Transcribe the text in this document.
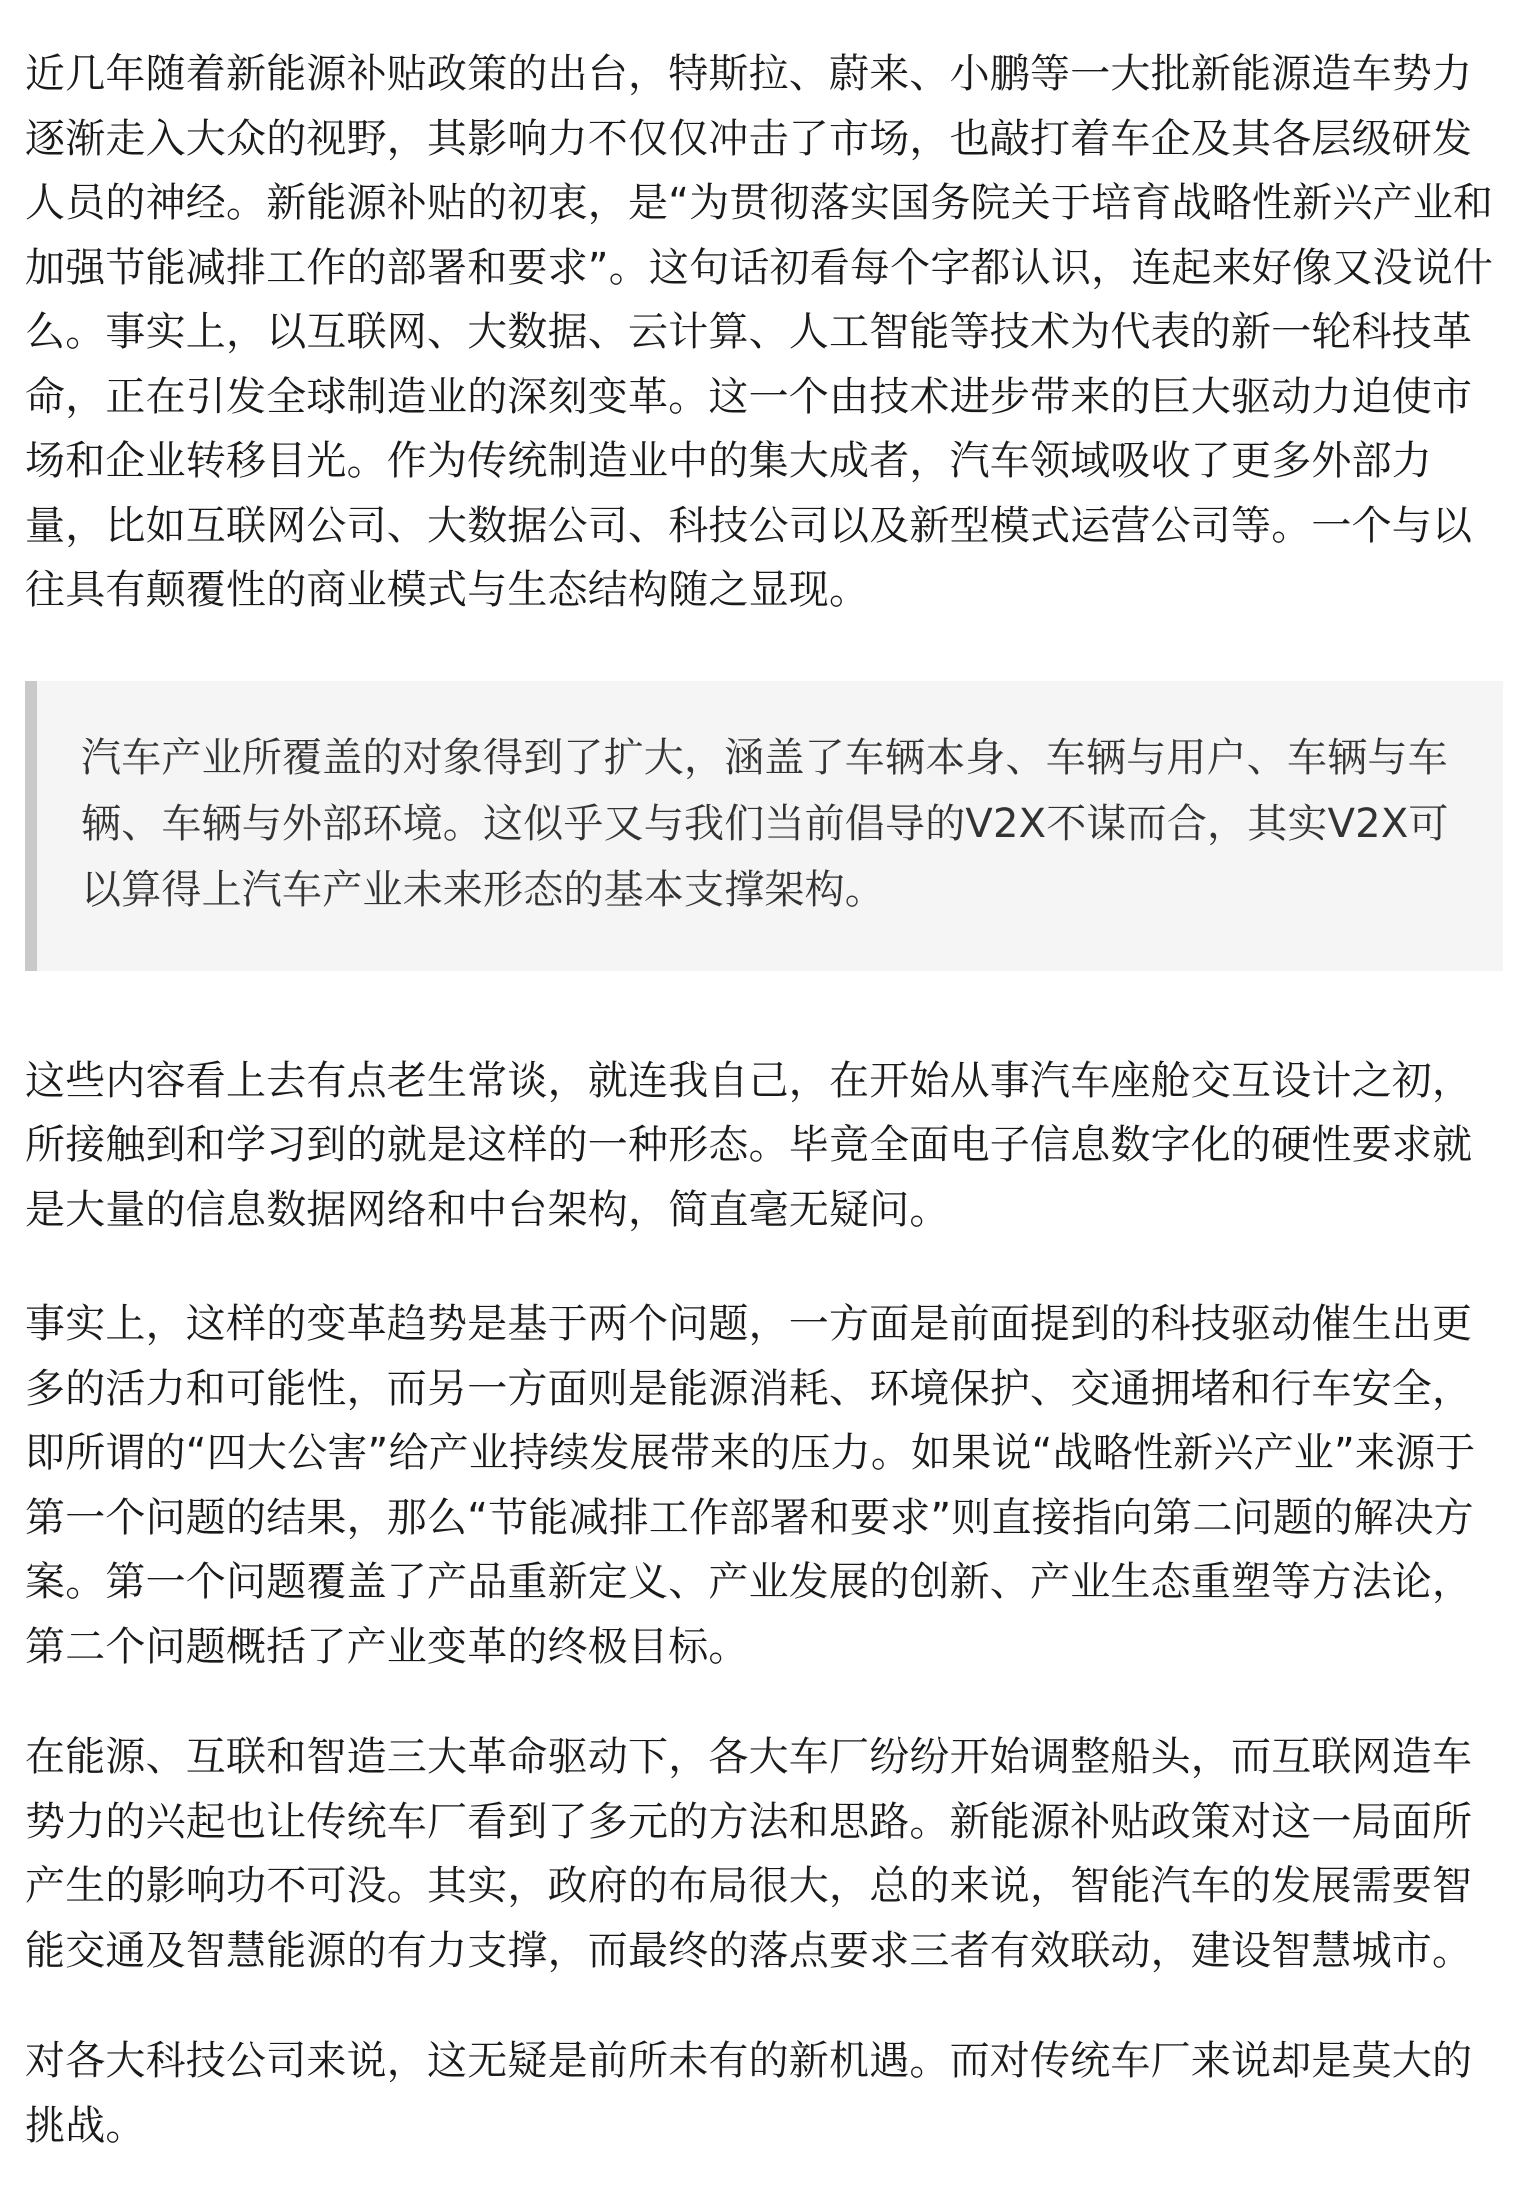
近几年随着新能源补贴政策的出台，特斯拉、蔚来、小鹏等一大批新能源造车势力逐渐走入大众的视野，其影响力不仅仅冲击了市场，也敲打着车企及其各层级研发人员的神经。新能源补贴的初衷，是“为贯彻落实国务院关于培育战略性新兴产业和加强节能减排工作的部署和要求”。这句话初看每个字都认识，连起来好像又没说什么。事实上，以互联网、大数据、云计算、人工智能等技术为代表的新一轮科技革命，正在引发全球制造业的深刻变革。这一个由技术进步带来的巨大驱动力迫使市场和企业转移目光。作为传统制造业中的集大成者，汽车领域吸收了更多外部力量，比如互联网公司、大数据公司、科技公司以及新型模式运营公司等。一个与以往具有颠覆性的商业模式与生态结构随之显现。

汽车产业所覆盖的对象得到了扩大，涵盖了车辆本身、车辆与用户、车辆与车辆、车辆与外部环境。这似乎又与我们当前倡导的V2X不谋而合，其实V2X可以算得上汽车产业未来形态的基本支撑架构。

这些内容看上去有点老生常谈，就连我自己，在开始从事汽车座舱交互设计之初，所接触到和学习到的就是这样的一种形态。毕竟全面电子信息数字化的硬性要求就是大量的信息数据网络和中台架构，简直毫无疑问。

事实上，这样的变革趋势是基于两个问题，一方面是前面提到的科技驱动催生出更多的活力和可能性，而另一方面则是能源消耗、环境保护、交通拥堵和行车安全，即所谓的“四大公害”给产业持续发展带来的压力。如果说“战略性新兴产业”来源于第一个问题的结果，那么“节能减排工作部署和要求”则直接指向第二问题的解决方案。第一个问题覆盖了产品重新定义、产业发展的创新、产业生态重塑等方法论，第二个问题概括了产业变革的终极目标。

在能源、互联和智造三大革命驱动下，各大车厂纷纷开始调整船头，而互联网造车势力的兴起也让传统车厂看到了多元的方法和思路。新能源补贴政策对这一局面所产生的影响功不可没。其实，政府的布局很大，总的来说，智能汽车的发展需要智能交通及智慧能源的有力支撑，而最终的落点要求三者有效联动，建设智慧城市。

对各大科技公司来说，这无疑是前所未有的新机遇。而对传统车厂来说却是莫大的挑战。
